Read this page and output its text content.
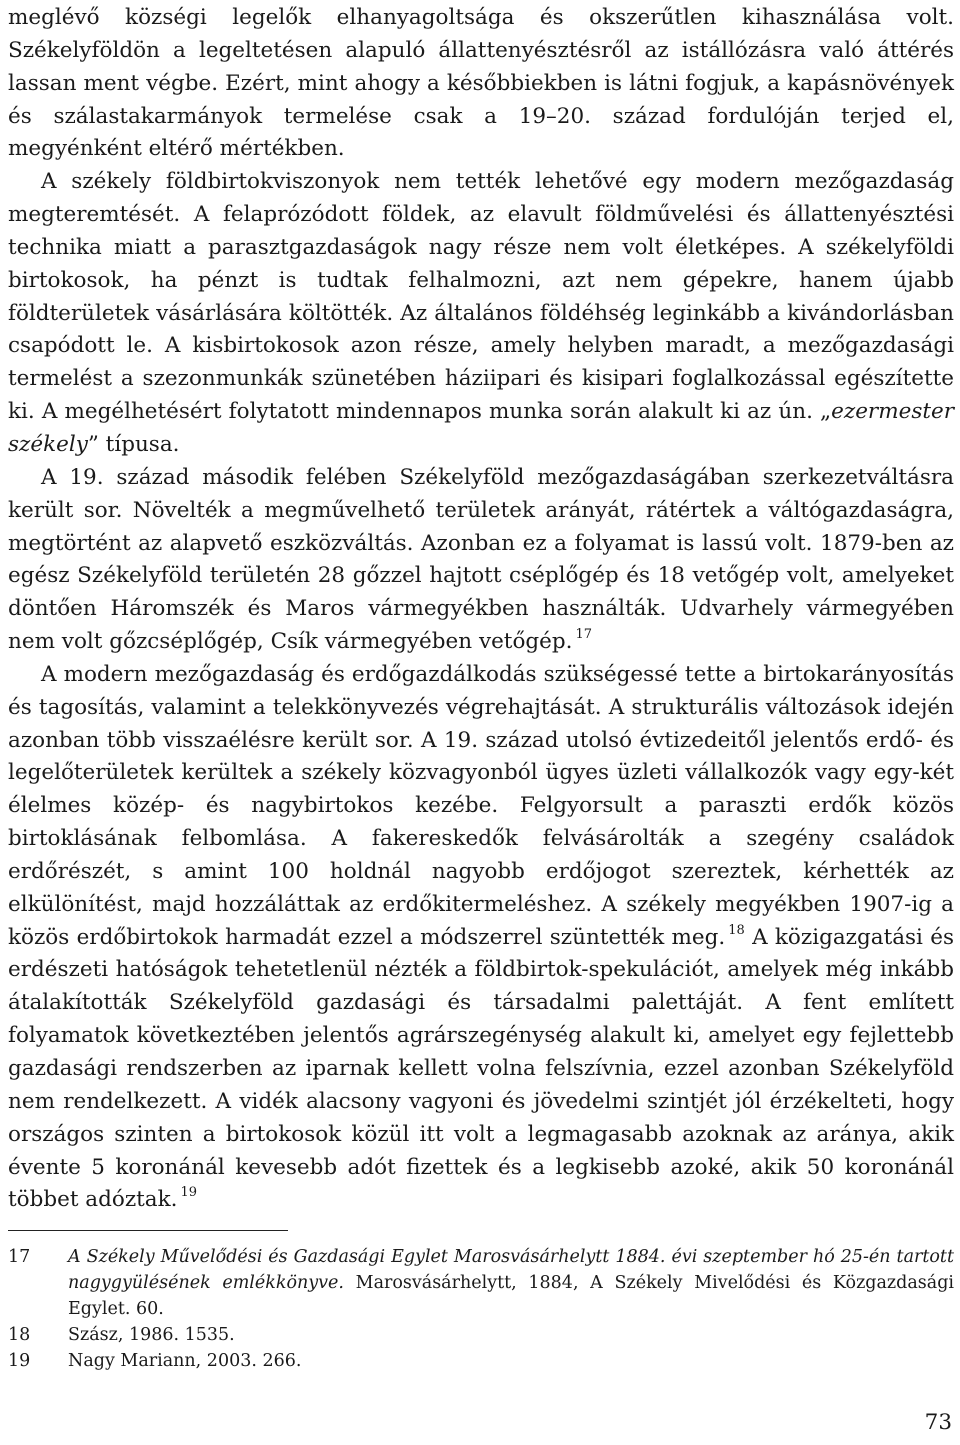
meglévő községi legelők elhanyagoltsága és okszerűtlen kihasználása volt. Székelyföldön a legeltetésen alapuló állattenyésztésről az istállózásra való áttérés lassan ment végbe. Ezért, mint ahogy a későbbiekben is látni fogjuk, a kapásnövények és szálastakarmányok termelése csak a 19–20. század fordulóján terjed el, megyénként eltérő mértékben.

A székely földbirtokviszonyok nem tették lehetővé egy modern mezőgazdaság megteremtését. A felaprózódott földek, az elavult földművelési és állattenyésztési technika miatt a parasztgazdaságok nagy része nem volt életképes. A székelyföldi birtokosok, ha pénzt is tudtak felhalmozni, azt nem gépekre, hanem újabb földterületek vásárlására költötték. Az általános földéhség leginkább a kivándorlásban csapódott le. A kisbirtokosok azon része, amely helyben maradt, a mezőgazdasági termelést a szezonmunkák szünetében háziipari és kisipari foglalkozással egészítette ki. A megélhetésért folytatott mindennapos munka során alakult ki az ún. „ezermester székely” típusa.

A 19. század második felében Székelyföld mezőgazdaságában szerkezetváltásra került sor. Növelték a megművelhető területek arányát, rátértek a váltógazdaságra, megtörtént az alapvető eszközváltás. Azonban ez a folyamat is lassú volt. 1879-ben az egész Székelyföld területén 28 gőzzel hajtott cséplőgép és 18 vetőgép volt, amelyeket döntően Háromszék és Maros vármegyékben használták. Udvarhely vármegyében nem volt gőzcséplőgép, Csík vármegyében vetőgép. $^{17}$

A modern mezőgazdaság és erdőgazdálkodás szükségessé tette a birtokarányosítás és tagosítás, valamint a telekkönyvezés végrehajtását. A strukturális változások idején azonban több visszaélésre került sor. A 19. század utolsó évtizedeitől jelentős erdő- és legelőterületek kerültek a székely közvagyonból ügyes üzleti vállalkozók vagy egy-két élelmes közép- és nagybirtokos kezébe. Felgyorsult a paraszti erdők közös birtoklásának felbomlása. A fakereskedők felvásárolták a szegény családok erdőrészét, s amint 100 holdnál nagyobb erdőjogot szereztek, kérhették az elkülönítést, majd hozzáláttak az erdőkitermeléshez. A székely megyékben 1907-ig a közös erdőbirtokok harmadát ezzel a módszerrel szüntették meg. $^{18}$ A közigazgatási és erdészeti hatóságok tehetetlenül nézték a földbirtok-spekulációt, amelyek még inkább átalakították Székelyföld gazdasági és társadalmi palettáját. A fent említett folyamatok következtében jelentős agrárszegénység alakult ki, amelyet egy fejlettebb gazdasági rendszerben az iparnak kellett volna felszívnia, ezzel azonban Székelyföld nem rendelkezett. A vidék alacsony vagyoni és jövedelmi szintjét jól érzékelteti, hogy országos szinten a birtokosok közül itt volt a legmagasabb azoknak az aránya, akik évente 5 koronánál kevesebb adót fizettek és a legkisebb azoké, akik 50 koronánál többet adóztak. $^{19}$

17	A Székely Művelődési és Gazdasági Egylet Marosvásárhelytt 1884. évi szeptember hó 25-én tartott nagygyülésének emlékkönyve. Marosvásárhelytt, 1884, A Székely Mivelődési és Közgazdasági Egylet. 60.
18	Szász, 1986. 1535.
19	Nagy Mariann, 2003. 266.
73
